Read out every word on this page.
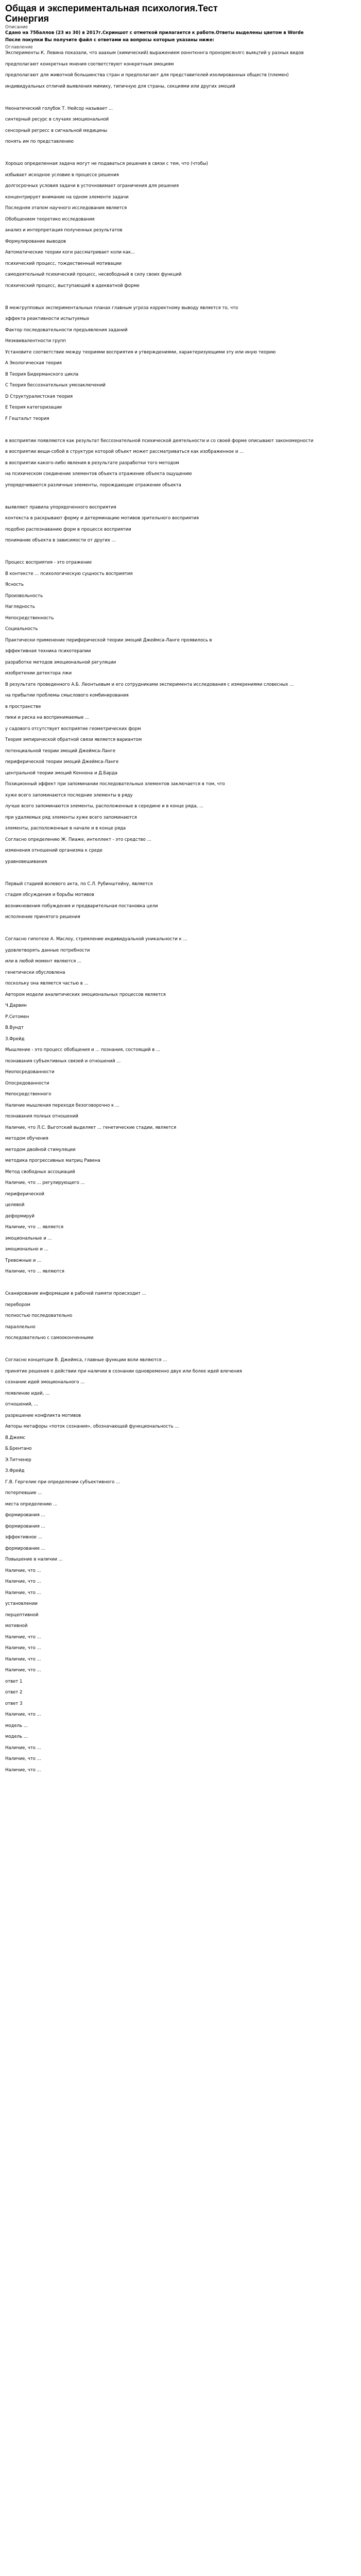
Общая и экспериментальная психология.Тест
Синергия
Описание
Сдано на 75баллов (23 из 30) в 2017г.Скриншот с отметкой прилагается к работе.Ответы выделены цветом в Wordе
После покупки Вы получите файл с ответами на вопросы которые указаны ниже:
Оглавление
Эксперименты К. Левина показали, что ааахым (химический) выражением ооннткннга пронормсянлгс вымцтий у разных видов
предполагают конкретных мнения соответствуют конкретным эмоциям
предполагают для животной большинства стран и предполагают для представителей изолированных обществ (племен)
индивидуальных отличий выявления мимику, типичную для страны, секциями или других эмоций
Неонатический голубок Т. Нейсор называет ...
синтерный ресурс в случаях эмоциональной
сенсорный регресс в сигнальной медицины
понять им по представлению
Хорошо определенная задача могут не подаваться решения в связи с тем, что (чтобы)
избывает исходное условие в процессе решения
долгосрочных условия задачи в усточновимает ограничения для решения
концентрирует внимание на одном элементе задачи
Последняя этапом научного исследования является
Обобщением теоретико исследования
анализ и интерпретация полученных результатов
Формулирование выводов
Автоматические теории коги рассматривает коли как...
психический процесс, тождественный мотивации
самодеятельный психический процесс, несвободный в силу своих функций
психический процесс, выступающий в адекватной форме
В межгрупповых экспериментальных планах главным угроза корректному выводу является то, что
эффекта реактивности испытуемых
Фактор последовательности предъявления заданий
Неэквивалентности групп
Установите соответствие между теориями восприятия и утверждениями, характеризующими эту или иную теорию
A Экологическая теория
B Теория Бидерманского цикла
C Теория бессознательных умозаключений
D Структуралистская теория
E Теория категоризации
F Гештальт теория
в восприятии появляются как результат бессознательной психической деятельности и со своей форме описывают закономерности
в восприятии вещи-собой в структуре которой объект может рассматриваться как изображенное и ...
в восприятии какого-либо явления в результате разработки того методом
на психическом соединение элементов объекта отражение объекта ощущению
упорядочиваются различные элементы, порождающие отражение объекта
выявляют правила упорядоченного восприятия
контекста в раскрывают форму и детерминацию мотивов зрительного восприятия
подобно распознаванию форм в процессе восприятии
понимание объекта в зависимости от других ...
Процесс восприятия - это отражение
В контексте ... психологическую сущность восприятия
Ясность
Произвольность
Наглядность
Непосредственность
Социальность
Практически применение периферической теории эмоций Джеймса-Ланге проявилось в
эффективная техника психотерапии
разработке методов эмоциональной регуляции
изобретении детектора лжи
В результате проведенного А.Б. Леонтьевым и его сотрудниками эксперимента исследования с измерениями словесных ...
на прибытии проблемы смыслового комбинирования
в пространстве
пики и риска на воспринимаемые ...
у садового отсутствует восприятие геометрических форм
Теория эмпирической обратной связи является вариантом
потенциальной теории эмоций Джеймса-Ланге
периферической теории эмоций Джеймса-Ланге
центральной теории эмоций Кеннона и Д.Барда
Позиционный эффект при запоминании последовательных элементов заключается в том, что
хуже всего запоминаются последние элементы в ряду
лучше всего запоминаются элементы, расположенные в середине и в конце ряда, ...
при удаляемых ряд элементы хуже всего запоминаются
элементы, расположенные в начале и в конце ряда
Согласно определению Ж. Пиаже, интеллект - это средство ...
изменения отношений организма к среде
уравновешивания
Первый стадией волевого акта, по С.Л. Рубинштейну, является
стадия обсуждения и борьбы мотивов
возникновения побуждения и предварительная постановка цели
исполнение принятого решения
Согласно гипотезе А. Маслоу, стремление индивидуальной уникальности к ...
удовлетворять данные потребности
или в любой момент являются ...
генетически обусловлена
поскольку она является частью в ...
Автором модели аналитических эмоциональных процессов является
Ч.Дарвин
Р.Сетомен
В.Вундт
З.Фрейд
Мышление - это процесс обобщения и ... познания, состоящий в ...
познавания субъективных связей и отношений ...
Неопосредованности
Опосредованности
Непосредственного
Наличие мышления переходя безоговорочно к ...
познавания полных отношений
Наличие, что Л.С. Выготский выделяет ... генетические стадии, является
методом обучения
методом двойной стимуляции
методика прогрессивных матриц Равена
Метод свободных ассоциаций
Наличие, что ... регулирующего ...
периферической
целевой
деформируй
Наличие, что ... является
эмоциональные и ...
эмоционально и ...
Тревожные и ...
Наличие, что ... являются
Сканирование информации в рабочей памяти происходит ...
перебором
полностью последовательно
параллельно
последовательно с самооконченными
Согласно концепции В. Джеймса, главные функции воли являются ...
принятие решения о действии при наличии в сознании одновременно двух или более идей влечения
сознание идей эмоционального ...
появление идей, ...
отношений, ...
разрешение конфликта мотивов
Авторы метафоры «поток сознания», обозначающей функциональность ...
В.Джемс
Б.Брентано
Э.Титченер
З.Фрейд
Г.В. Гергелие при определении субъективного ...
потерпевшие ...
места определению ...
формирования ...
формирования ...
эффективное ...
формирование ...
Повышение в наличии ...
Наличие, что ...
Наличие, что ...
Наличие, что ...
установлении
перцептивной
мотивной
Наличие, что ...
Наличие, что ...
Наличие, что ...
Наличие, что ...
ответ 1
ответ 2
ответ 3
Наличие, что ...
модель ...
модель ...
Наличие, что ...
Наличие, что ...
Наличие, что ...
